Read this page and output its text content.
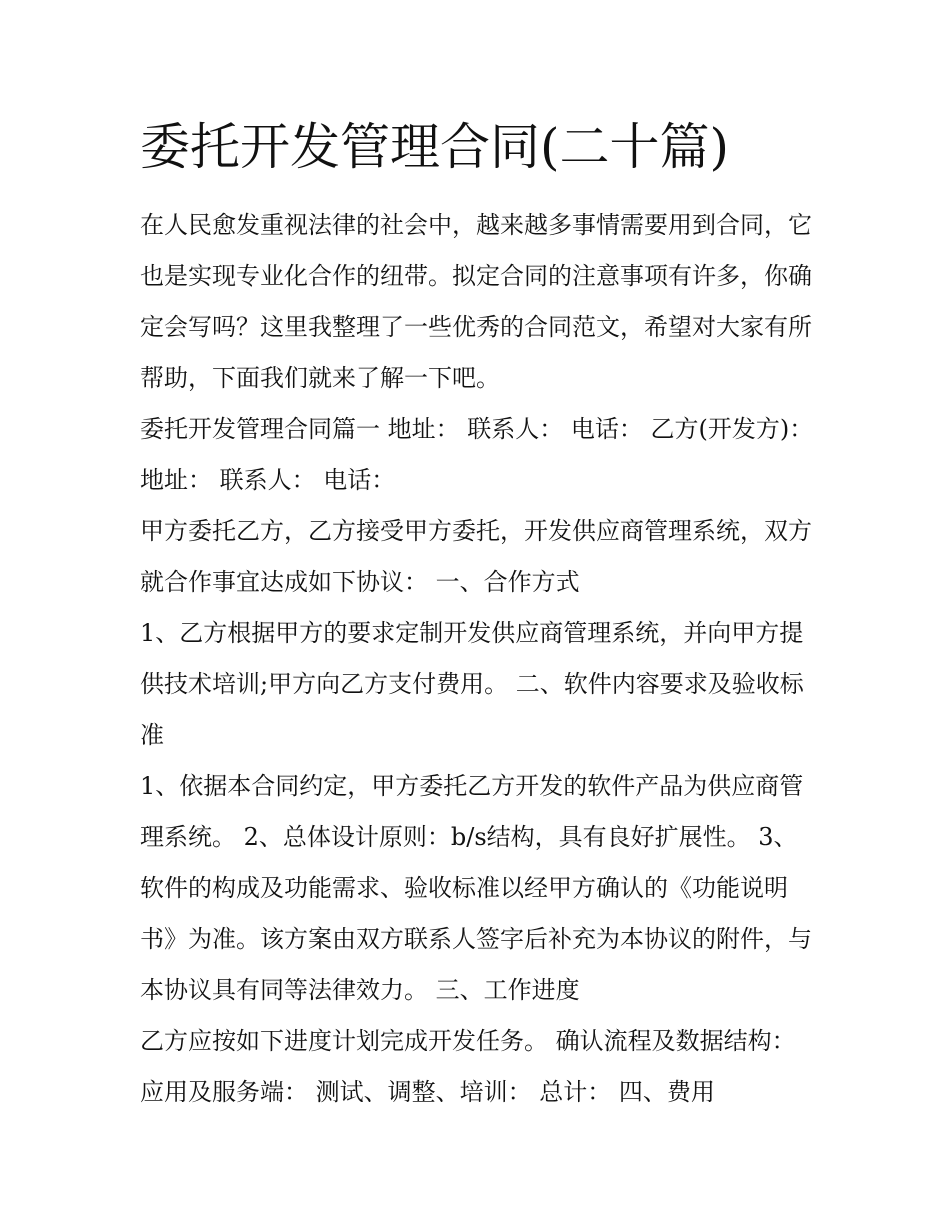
委托开发管理合同(二十篇)

在人民愈发重视法律的社会中，越来越多事情需要用到合同，它也是实现专业化合作的纽带。拟定合同的注意事项有许多，你确定会写吗？这里我整理了一些优秀的合同范文，希望对大家有所帮助，下面我们就来了解一下吧。

委托开发管理合同篇一 地址： 联系人： 电话： 乙方(开发方)： 地址： 联系人： 电话：

甲方委托乙方，乙方接受甲方委托，开发供应商管理系统，双方就合作事宜达成如下协议： 一、合作方式

1、乙方根据甲方的要求定制开发供应商管理系统，并向甲方提供技术培训;甲方向乙方支付费用。 二、软件内容要求及验收标准

1、依据本合同约定，甲方委托乙方开发的软件产品为供应商管理系统。 2、总体设计原则：b/s结构，具有良好扩展性。 3、软件的构成及功能需求、验收标准以经甲方确认的《功能说明书》为准。该方案由双方联系人签字后补充为本协议的附件，与本协议具有同等法律效力。 三、工作进度

乙方应按如下进度计划完成开发任务。 确认流程及数据结构： 应用及服务端： 测试、调整、培训： 总计： 四、费用
